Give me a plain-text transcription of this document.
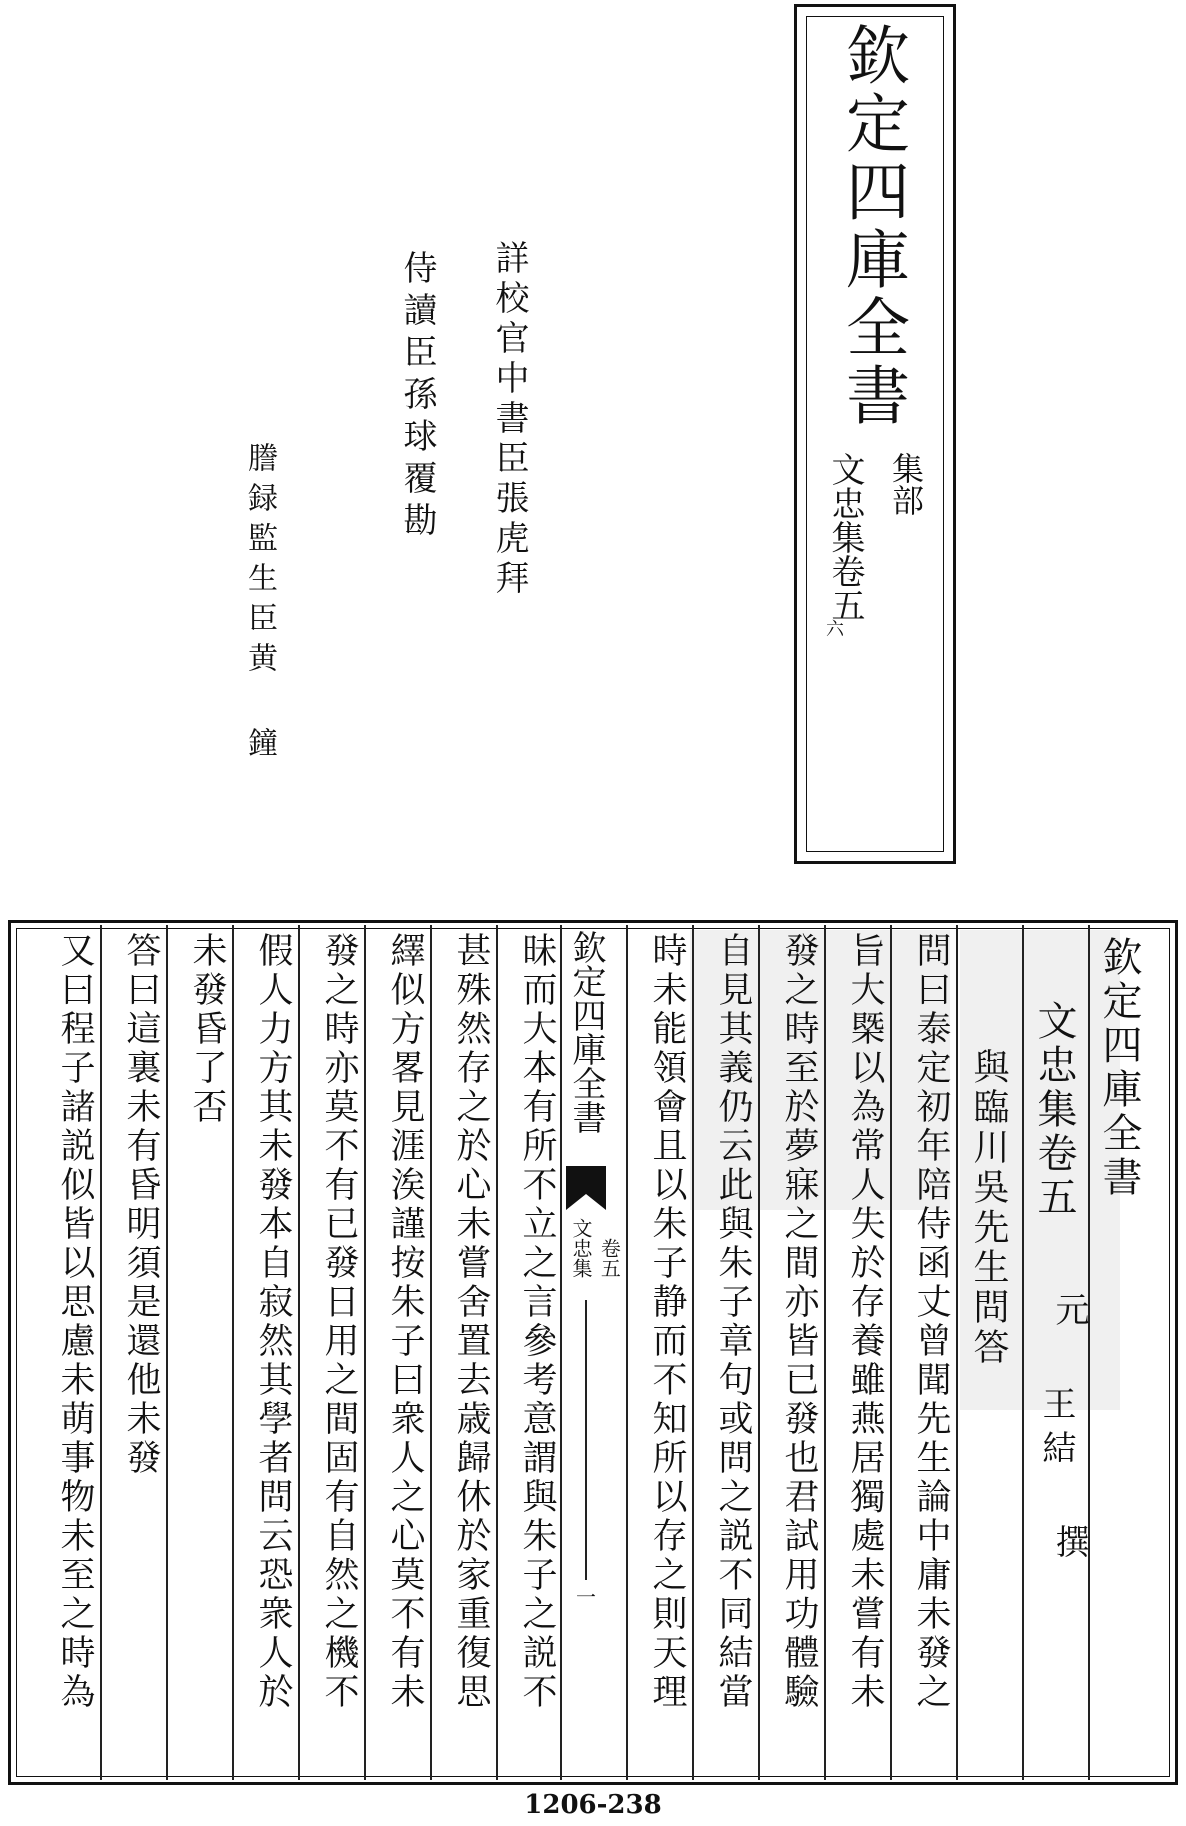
欽定四庫全書
集部
文忠集卷五
六
詳校官中書臣張虎拜
侍讀臣孫球覆勘
謄録監生臣黄 鐘
欽定四庫全書
文忠集卷五
與臨川吳先生問答	元
王結
撰
問曰泰定初年陪侍函丈曾聞先生論中庸未發之
旨大槩以為常人失於存養雖燕居獨處未嘗有未
發之時至於夢寐之間亦皆已發也君試用功體驗
自見其義仍云此與朱子章句或問之説不同結當
時未能領會且以朱子静而不知所以存之則天理
欽定四庫全書
文忠集 卷五
一
昧而大本有所不立之言參考意謂與朱子之説不
甚殊然存之於心未嘗舍置去歳歸休於家重復思
繹似方畧見涯涘謹按朱子曰衆人之心莫不有未
發之時亦莫不有已發日用之間固有自然之機不
假人力方其未發本自寂然其學者問云恐衆人於
未發昏了否
答曰這裏未有昏明須是還他未發
又曰程子諸説似皆以思慮未萌事物未至之時為
1206-238
